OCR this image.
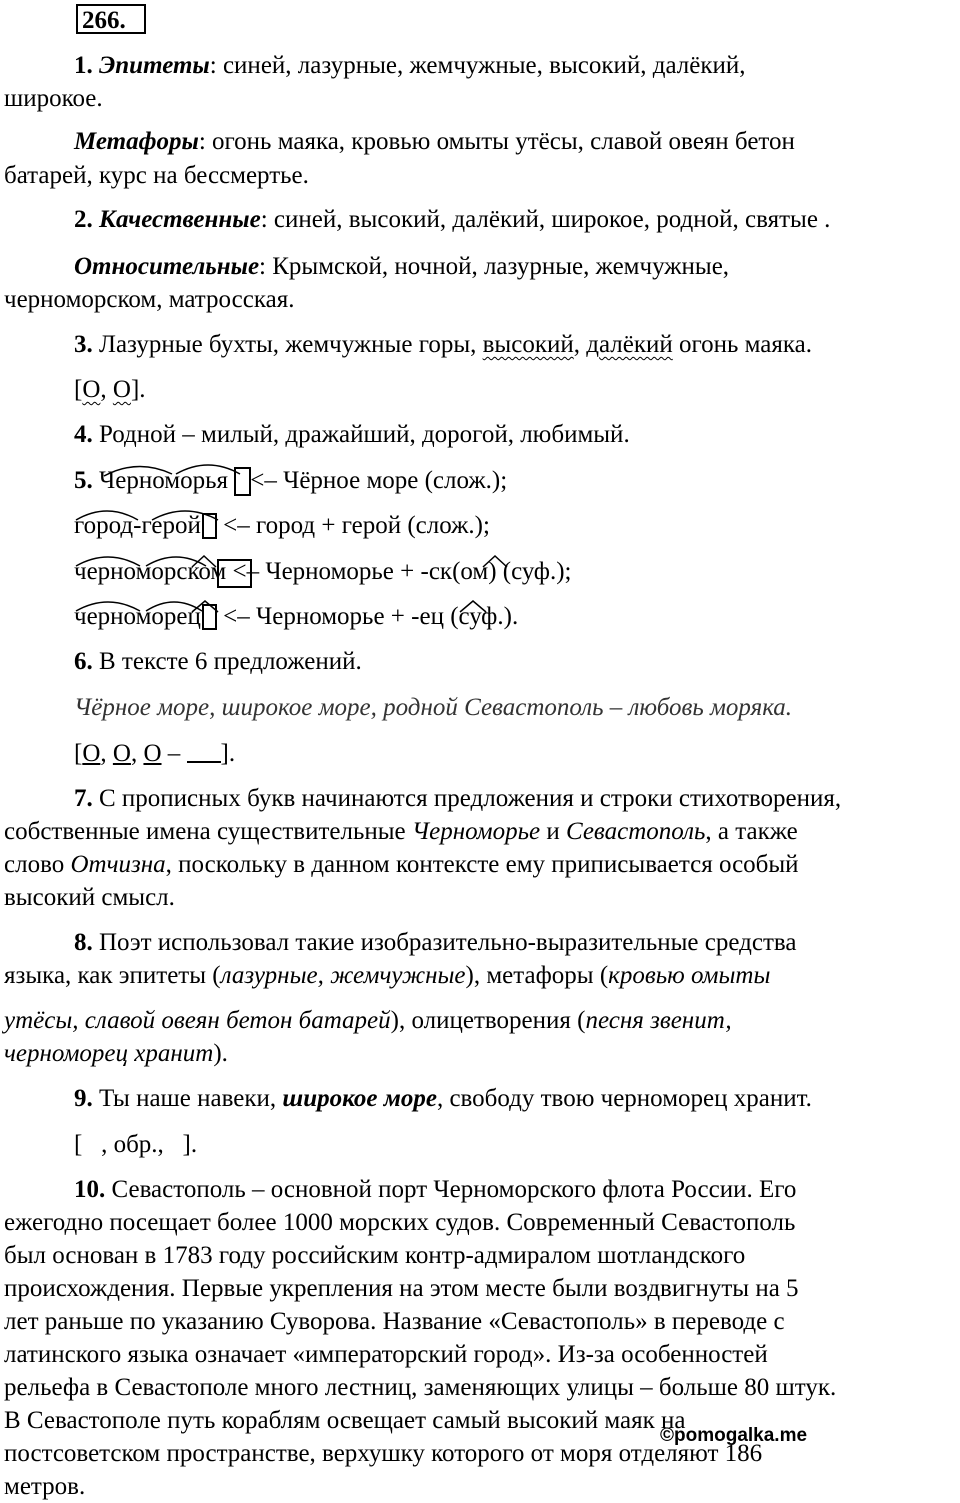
266.
1. Эпитеты: синей, лазурные, жемчужные, высокий, далёкий,
широкое.
Метафоры: огонь маяка, кровью омыты утёсы, славой овеян бетон
батарей, курс на бессмертье.
2. Качественные: синей, высокий, далёкий, широкое, родной, святые .
Относительные: Крымской, ночной, лазурные, жемчужные,
черноморском, матросская.
3. Лазурные бухты, жемчужные горы, высокий, далёкий огонь маяка.
[О, О].
4. Родной – милый, дражайший, дорогой, любимый.
5. Черноморья <– Чёрное море (слож.);
город-герой <– город + герой (слож.);
черноморском <– Черноморье + -ск(ом) (суф.);
черноморец <– Черноморье + -ец (суф.).
6. В тексте 6 предложений.
Чёрное море, широкое море, родной Севастополь – любовь моряка.
[О, О, О – ].
7. С прописных букв начинаются предложения и строки стихотворения,
собственные имена существительные Черноморье и Севастополь, а также
слово Отчизна, поскольку в данном контексте ему приписывается особый
высокий смысл.
8. Поэт использовал такие изобразительно-выразительные средства
языка, как эпитеты (лазурные, жемчужные), метафоры (кровью омыты
утёсы, славой овеян бетон батарей), олицетворения (песня звенит,
черноморец хранит).
9. Ты наше навеки, широкое море, свободу твою черноморец хранит.
[   , обр.,   ].
10. Севастополь – основной порт Черноморского флота России. Его
ежегодно посещает более 1000 морских судов. Современный Севастополь
был основан в 1783 году российским контр-адмиралом шотландского
происхождения. Первые укрепления на этом месте были воздвигнуты на 5
лет раньше по указанию Суворова. Название «Севастополь» в переводе с
латинского языка означает «императорский город». Из-за особенностей
рельефа в Севастополе много лестниц, заменяющих улицы – больше 80 штук.
В Севастополе путь кораблям освещает самый высокий маяк на
постсоветском пространстве, верхушку которого от моря отделяют 186
метров.
©pomogalka.me
